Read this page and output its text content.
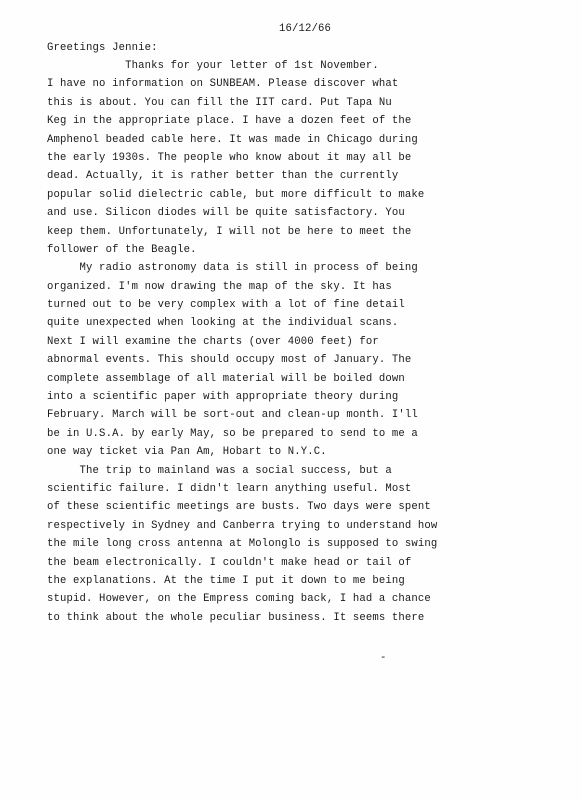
16/12/66
Greetings Jennie:
Thanks for your letter of 1st November.
I have no information on SUNBEAM. Please discover what
this is about. You can fill the IIT card. Put Tapa Nu
Keg in the appropriate place. I have a dozen feet of the
Amphenol beaded cable here. It was made in Chicago during
the early 1930s. The people who know about it may all be
dead. Actually, it is rather better than the currently
popular solid dielectric cable, but more difficult to make
and use. Silicon diodes will be quite satisfactory. You
keep them. Unfortunately, I will not be here to meet the
follower of the Beagle.
My radio astronomy data is still in process of being
organized. I'm now drawing the map of the sky. It has
turned out to be very complex with a lot of fine detail
quite unexpected when looking at the individual scans.
Next I will examine the charts (over 4000 feet) for
abnormal events. This should occupy most of January. The
complete assemblage of all material will be boiled down
into a scientific paper with appropriate theory during
February. March will be sort-out and clean-up month. I'll
be in U.S.A. by early May, so be prepared to send to me a
one way ticket via Pan Am, Hobart to N.Y.C.
The trip to mainland was a social success, but a
scientific failure. I didn't learn anything useful. Most
of these scientific meetings are busts. Two days were spent
respectively in Sydney and Canberra trying to understand how
the mile long cross antenna at Molonglo is supposed to swing
the beam electronically. I couldn't make head or tail of
the explanations. At the time I put it down to me being
stupid. However, on the Empress coming back, I had a chance
to think about the whole peculiar business. It seems there
-
